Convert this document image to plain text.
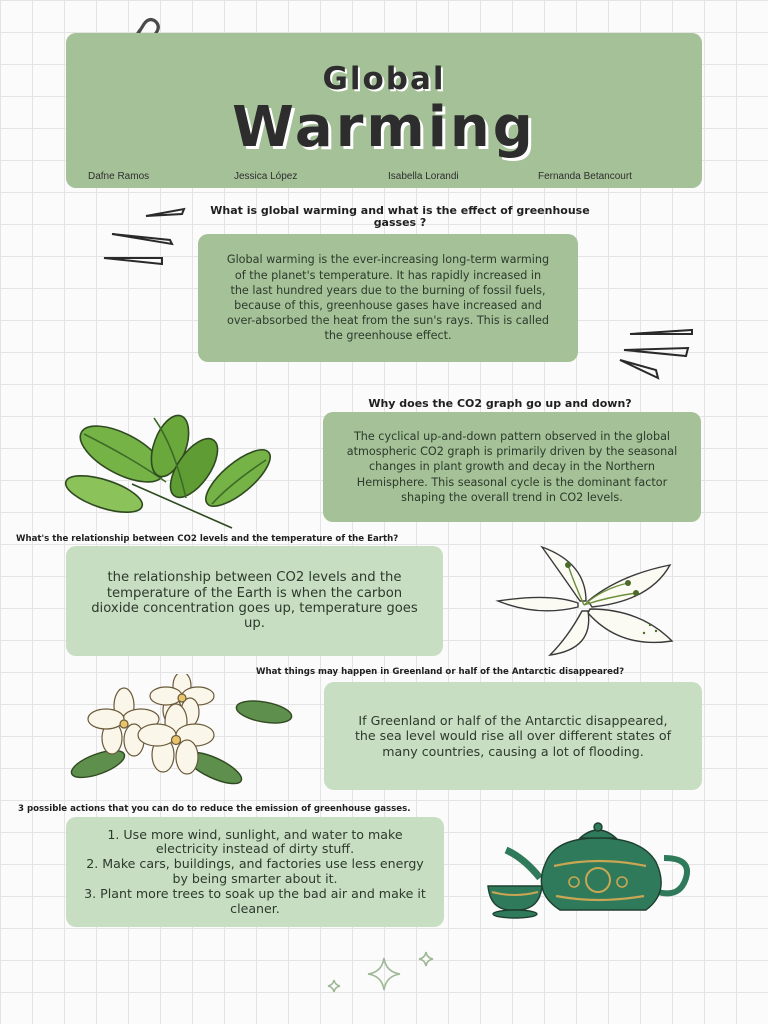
Global
Warming
Dafne Ramos	Jessica López	Isabella Lorandi	Fernanda Betancourt
What is global warming and what is the effect of greenhouse gasses ?
Global warming is the ever-increasing long-term warming of the planet's temperature. It has rapidly increased in the last hundred years due to the burning of fossil fuels, because of this, greenhouse gases have increased and over-absorbed the heat from the sun's rays. This is called the greenhouse effect.
Why does the CO2 graph go up and down?
The cyclical up-and-down pattern observed in the global atmospheric CO2 graph is primarily driven by the seasonal changes in plant growth and decay in the Northern Hemisphere. This seasonal cycle is the dominant factor shaping the overall trend in CO2 levels.
What's the relationship between CO2 levels and the temperature of the Earth?
the relationship between CO2 levels and the temperature of the Earth is when the carbon dioxide concentration goes up, temperature goes up.
What things may happen in Greenland or half of the Antarctic disappeared?
If Greenland or half of the Antarctic disappeared, the sea level would rise all over different states of many countries, causing a lot of flooding.
3 possible actions that you can do to reduce the emission of greenhouse gasses.
1. Use more wind, sunlight, and water to make electricity instead of dirty stuff.
2. Make cars, buildings, and factories use less energy by being smarter about it.
3. Plant more trees to soak up the bad air and make it cleaner.
